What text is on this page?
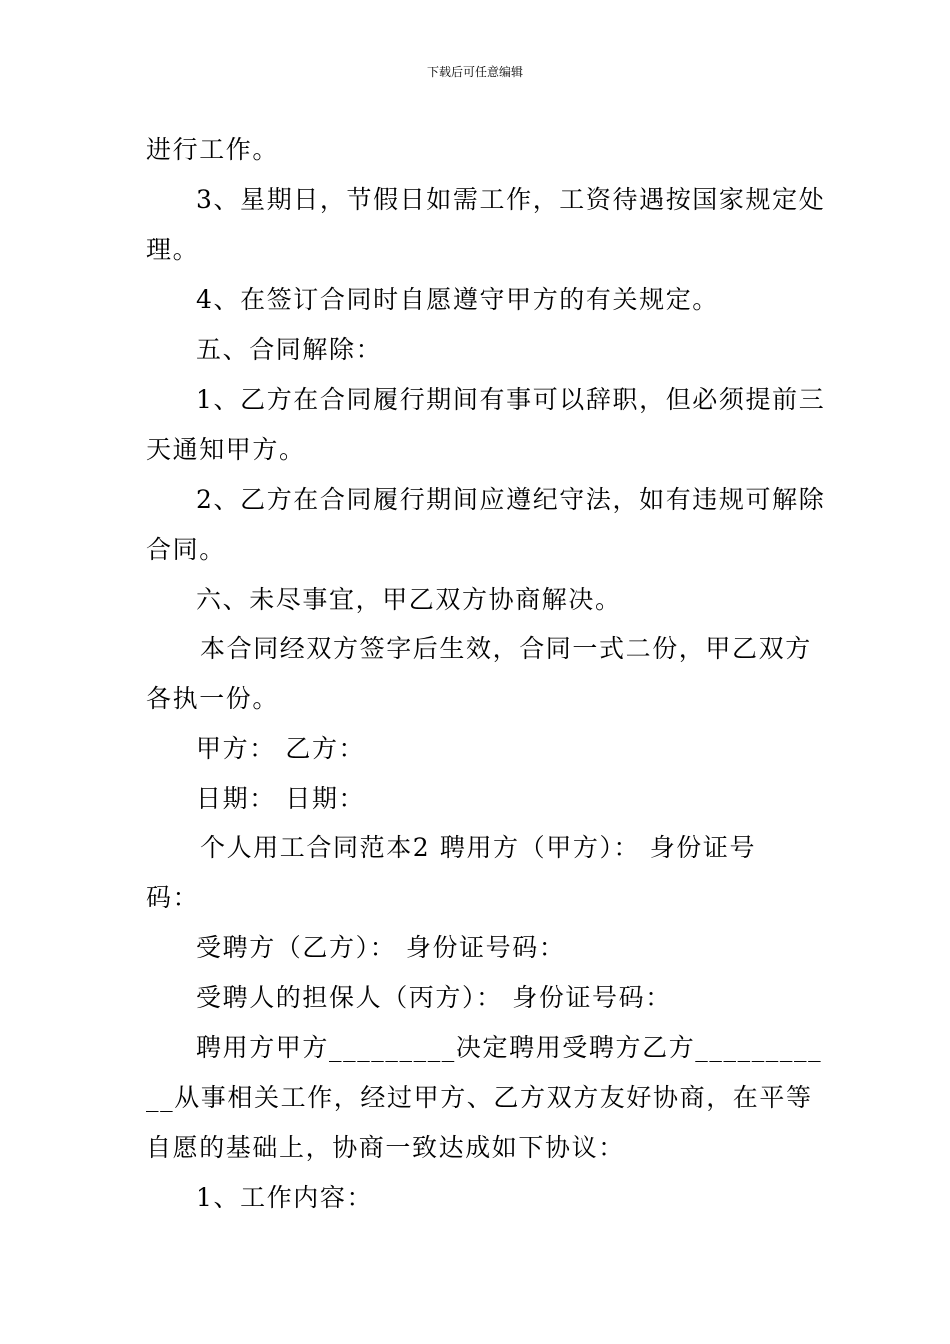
下载后可任意编辑
进行工作。
3、星期日，节假日如需工作，工资待遇按国家规定处
理。
4、在签订合同时自愿遵守甲方的有关规定。
五、合同解除：
1、乙方在合同履行期间有事可以辞职，但必须提前三
天通知甲方。
2、乙方在合同履行期间应遵纪守法，如有违规可解除
合同。
六、未尽事宜，甲乙双方协商解决。
本合同经双方签字后生效，合同一式二份，甲乙双方
各执一份。
甲方： 乙方：
日期： 日期：
个人用工合同范本2 聘用方（甲方）： 身份证号
码：
受聘方（乙方）： 身份证号码：
受聘人的担保人（丙方）： 身份证号码：
聘用方甲方_________决定聘用受聘方乙方_________
__从事相关工作，经过甲方、乙方双方友好协商，在平等
自愿的基础上，协商一致达成如下协议：
1、工作内容：
